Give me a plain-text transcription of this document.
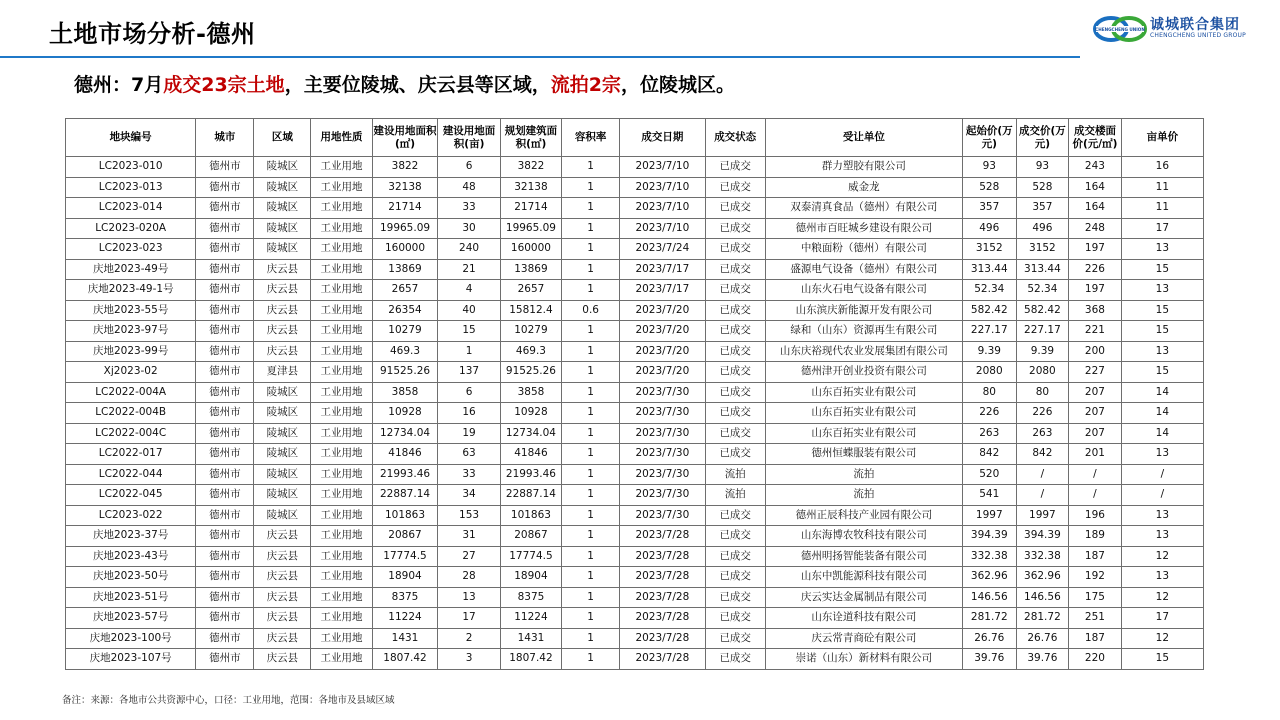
土地市场分析-德州	CHENGCHENG UNION 诚城联合集团
CHENGCHENG UNITED GROUP
德州：7月成交23宗土地，主要位陵城、庆云县等区域，流拍2宗，位陵城区。
地块编号	城市	区域	用地性质	建设用地面积(㎡)	建设用地面积(亩)	规划建筑面积(㎡)	容积率	成交日期	成交状态	受让单位	起始价(万元)	成交价(万元)	成交楼面价(元/㎡)	亩单价
LC2023-010	德州市	陵城区	工业用地	3822	6	3822	1	2023/7/10	已成交	群力塑胶有限公司	93	93	243	16
LC2023-013	德州市	陵城区	工业用地	32138	48	32138	1	2023/7/10	已成交	威金龙	528	528	164	11
LC2023-014	德州市	陵城区	工业用地	21714	33	21714	1	2023/7/10	已成交	双泰清真食品（德州）有限公司	357	357	164	11
LC2023-020A	德州市	陵城区	工业用地	19965.09	30	19965.09	1	2023/7/10	已成交	德州市百旺城乡建设有限公司	496	496	248	17
LC2023-023	德州市	陵城区	工业用地	160000	240	160000	1	2023/7/24	已成交	中粮面粉（德州）有限公司	3152	3152	197	13
庆地2023-49号	德州市	庆云县	工业用地	13869	21	13869	1	2023/7/17	已成交	盛源电气设备（德州）有限公司	313.44	313.44	226	15
庆地2023-49-1号	德州市	庆云县	工业用地	2657	4	2657	1	2023/7/17	已成交	山东火石电气设备有限公司	52.34	52.34	197	13
庆地2023-55号	德州市	庆云县	工业用地	26354	40	15812.4	0.6	2023/7/20	已成交	山东滨庆新能源开发有限公司	582.42	582.42	368	15
庆地2023-97号	德州市	庆云县	工业用地	10279	15	10279	1	2023/7/20	已成交	绿和（山东）资源再生有限公司	227.17	227.17	221	15
庆地2023-99号	德州市	庆云县	工业用地	469.3	1	469.3	1	2023/7/20	已成交	山东庆裕现代农业发展集团有限公司	9.39	9.39	200	13
Xj2023-02	德州市	夏津县	工业用地	91525.26	137	91525.26	1	2023/7/20	已成交	德州津开创业投资有限公司	2080	2080	227	15
LC2022-004A	德州市	陵城区	工业用地	3858	6	3858	1	2023/7/30	已成交	山东百拓实业有限公司	80	80	207	14
LC2022-004B	德州市	陵城区	工业用地	10928	16	10928	1	2023/7/30	已成交	山东百拓实业有限公司	226	226	207	14
LC2022-004C	德州市	陵城区	工业用地	12734.04	19	12734.04	1	2023/7/30	已成交	山东百拓实业有限公司	263	263	207	14
LC2022-017	德州市	陵城区	工业用地	41846	63	41846	1	2023/7/30	已成交	德州恒蝶服装有限公司	842	842	201	13
LC2022-044	德州市	陵城区	工业用地	21993.46	33	21993.46	1	2023/7/30	流拍	流拍	520	/	/	/
LC2022-045	德州市	陵城区	工业用地	22887.14	34	22887.14	1	2023/7/30	流拍	流拍	541	/	/	/
LC2023-022	德州市	陵城区	工业用地	101863	153	101863	1	2023/7/30	已成交	德州正辰科技产业园有限公司	1997	1997	196	13
庆地2023-37号	德州市	庆云县	工业用地	20867	31	20867	1	2023/7/28	已成交	山东海博农牧科技有限公司	394.39	394.39	189	13
庆地2023-43号	德州市	庆云县	工业用地	17774.5	27	17774.5	1	2023/7/28	已成交	德州明扬智能装备有限公司	332.38	332.38	187	12
庆地2023-50号	德州市	庆云县	工业用地	18904	28	18904	1	2023/7/28	已成交	山东中凯能源科技有限公司	362.96	362.96	192	13
庆地2023-51号	德州市	庆云县	工业用地	8375	13	8375	1	2023/7/28	已成交	庆云实达金属制品有限公司	146.56	146.56	175	12
庆地2023-57号	德州市	庆云县	工业用地	11224	17	11224	1	2023/7/28	已成交	山东诠道科技有限公司	281.72	281.72	251	17
庆地2023-100号	德州市	庆云县	工业用地	1431	2	1431	1	2023/7/28	已成交	庆云常青商砼有限公司	26.76	26.76	187	12
庆地2023-107号	德州市	庆云县	工业用地	1807.42	3	1807.42	1	2023/7/28	已成交	崇诺（山东）新材料有限公司	39.76	39.76	220	15
备注：来源：各地市公共资源中心，口径：工业用地，范围：各地市及县域区域
